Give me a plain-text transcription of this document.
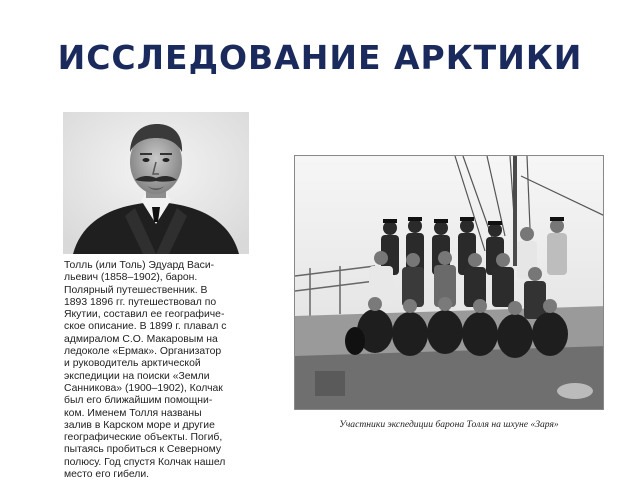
ИССЛЕДОВАНИЕ АРКТИКИ
Толль (или Толь) Эдуард Васи-
льевич (1858–1902), барон.
Полярный путешественник. В
1893 1896 гг. путешествовал по
Якутии, составил ее географиче-
ское описание. В 1899 г. плавал с
адмиралом С.О. Макаровым на
ледоколе «Ермак». Организатор
и руководитель арктической
экспедиции на поиски «Земли
Санникова» (1900–1902), Колчак
был его ближайшим помощни-
ком. Именем Толля названы
залив в Карском море и другие
географические объекты. Погиб,
пытаясь пробиться к Северному
полюсу. Год спустя Колчак нашел
место его гибели.
Участники экспедиции барона Толля на шхуне «Заря»
